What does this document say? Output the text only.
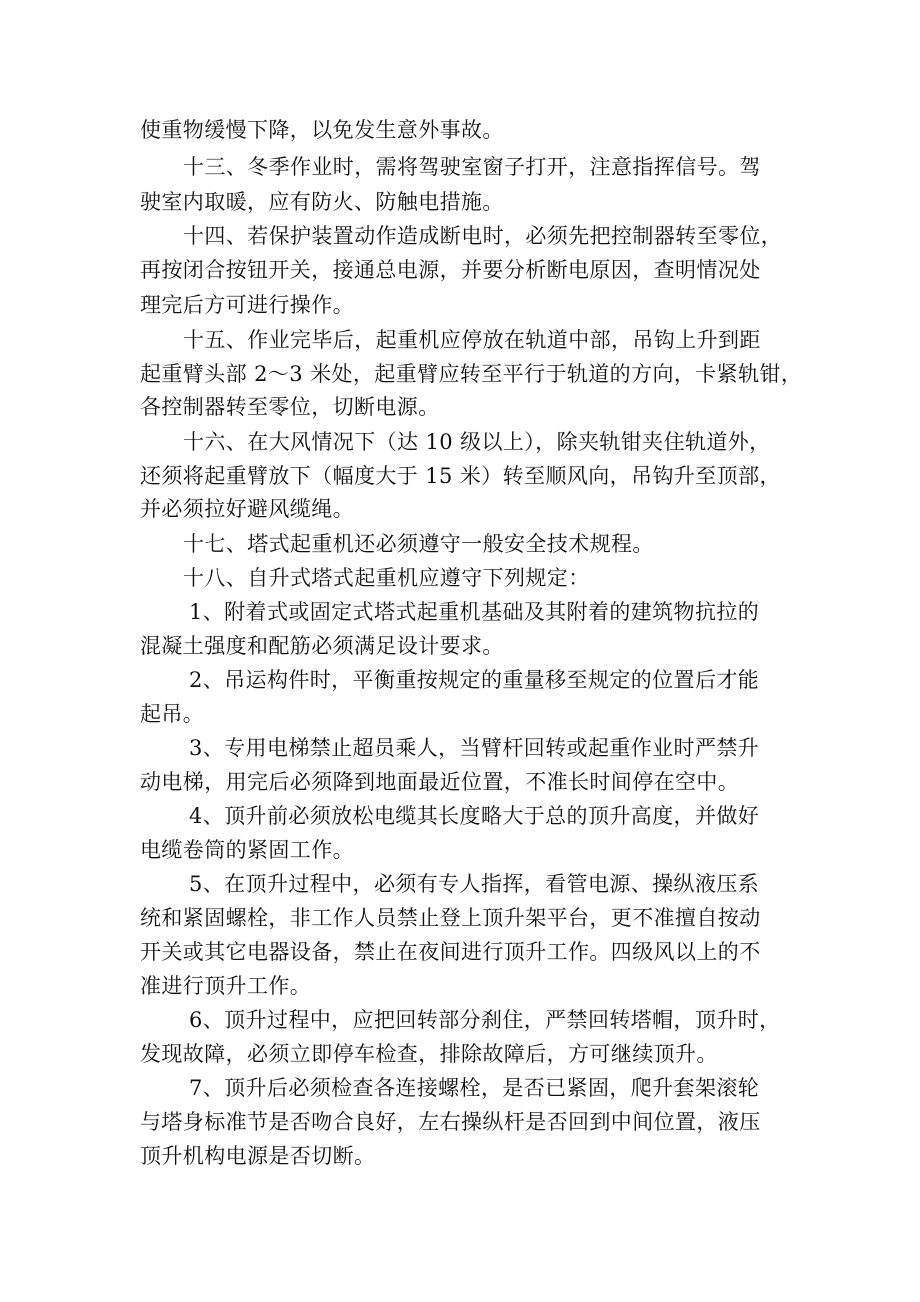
使重物缓慢下降，以免发生意外事故。
十三、冬季作业时，需将驾驶室窗子打开，注意指挥信号。驾
驶室内取暖，应有防火、防触电措施。
十四、若保护装置动作造成断电时，必须先把控制器转至零位，
再按闭合按钮开关，接通总电源，并要分析断电原因，查明情况处
理完后方可进行操作。
十五、作业完毕后，起重机应停放在轨道中部，吊钩上升到距
起重臂头部 2～3 米处，起重臂应转至平行于轨道的方向，卡紧轨钳，
各控制器转至零位，切断电源。
十六、在大风情况下（达 10 级以上），除夹轨钳夹住轨道外，
还须将起重臂放下（幅度大于 15 米）转至顺风向，吊钩升至顶部，
并必须拉好避风缆绳。
十七、塔式起重机还必须遵守一般安全技术规程。
十八、自升式塔式起重机应遵守下列规定：
1、附着式或固定式塔式起重机基础及其附着的建筑物抗拉的
混凝土强度和配筋必须满足设计要求。
2、吊运构件时，平衡重按规定的重量移至规定的位置后才能
起吊。
3、专用电梯禁止超员乘人，当臂杆回转或起重作业时严禁升
动电梯，用完后必须降到地面最近位置，不准长时间停在空中。
4、顶升前必须放松电缆其长度略大于总的顶升高度，并做好
电缆卷筒的紧固工作。
5、在顶升过程中，必须有专人指挥，看管电源、操纵液压系
统和紧固螺栓，非工作人员禁止登上顶升架平台，更不准擅自按动
开关或其它电器设备，禁止在夜间进行顶升工作。四级风以上的不
准进行顶升工作。
6、顶升过程中，应把回转部分刹住，严禁回转塔帽，顶升时，
发现故障，必须立即停车检查，排除故障后，方可继续顶升。
7、顶升后必须检查各连接螺栓，是否已紧固，爬升套架滚轮
与塔身标准节是否吻合良好，左右操纵杆是否回到中间位置，液压
顶升机构电源是否切断。
